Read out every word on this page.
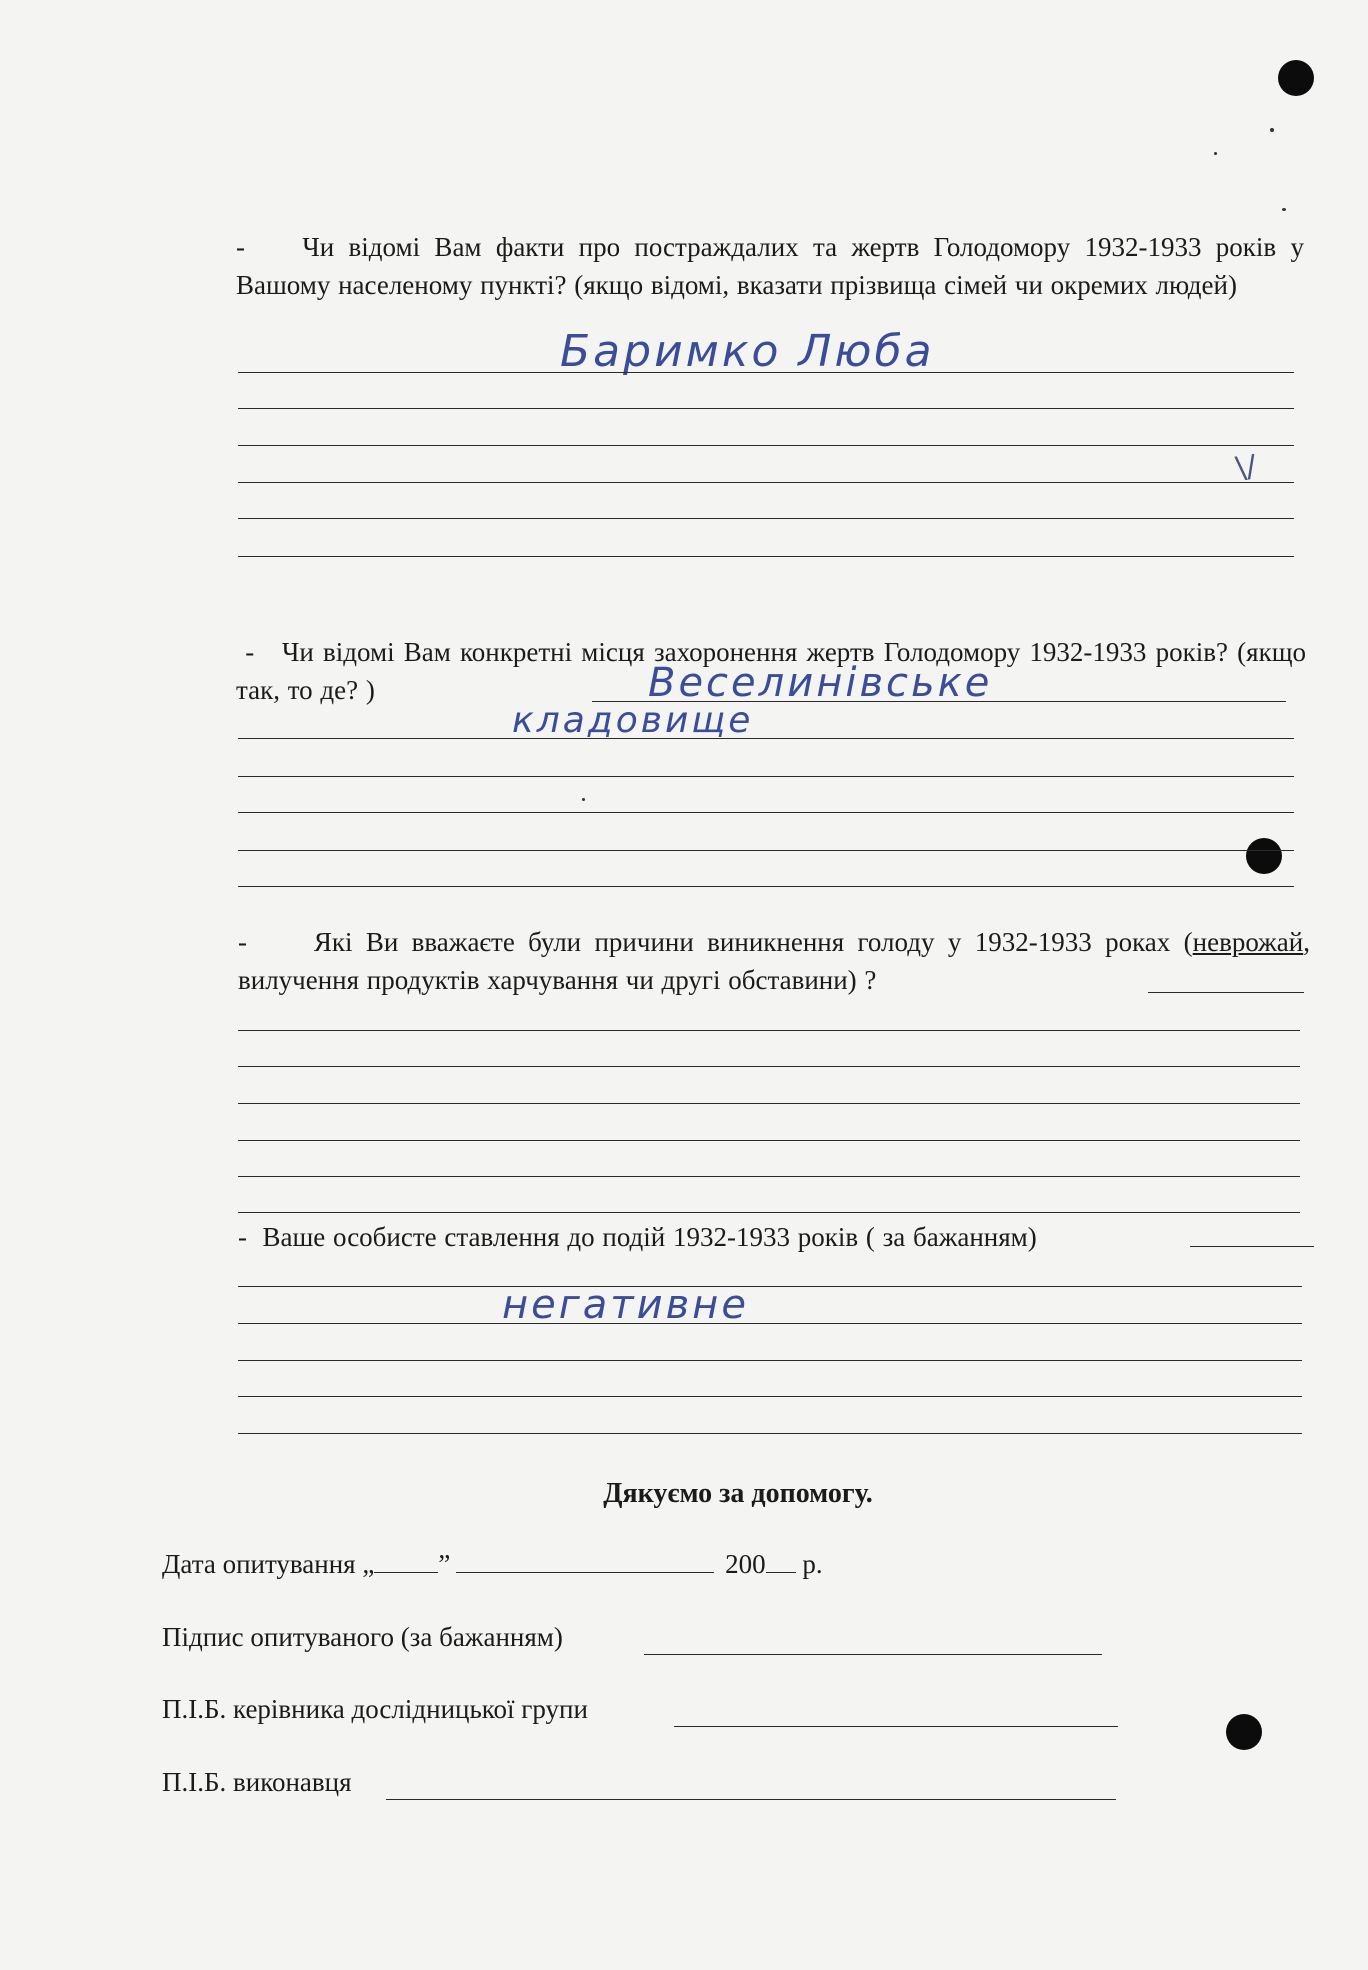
- Чи відомі Вам факти про постраждалих та жертв Голодомору 1932-1933 років у Вашому населеному пункті? (якщо відомі, вказати прізвища сімей чи окремих людей)
Баримко Люба
\/
- Чи відомі Вам конкретні місця захоронення жертв Голодомору 1932-1933 років? (якщо так, то де? )	Веселинівське
кладовище
- Які Ви вважаєте були причини виникнення голоду у 1932-1933 роках (неврожай, вилучення продуктів харчування чи другі обставини) ?
- Ваше особисте ставлення до подій 1932-1933 років ( за бажанням)
негативне
Дякуємо за допомогу.
Дата опитування „ ”	200 р.
Підпис опитуваного (за бажанням)
П.І.Б. керівника дослідницької групи
П.І.Б. виконавця
